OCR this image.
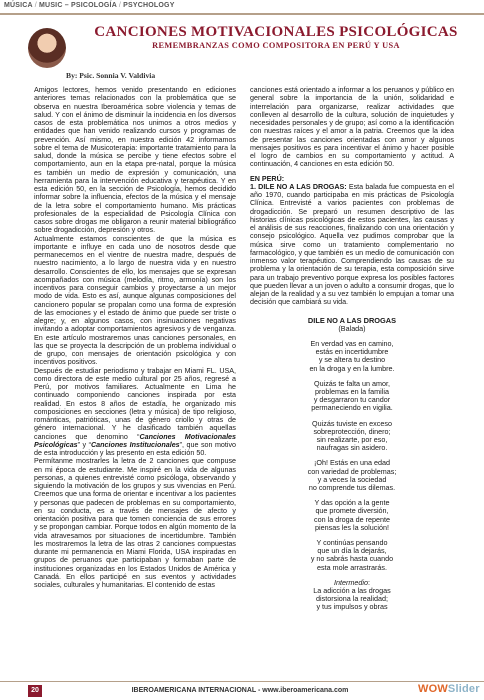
MÚSICA / MUSIC – PSICOLOGÍA / PSYCHOLOGY
CANCIONES MOTIVACIONALES PSICOLÓGICAS
REMEMBRANZAS COMO COMPOSITORA EN PERÚ Y USA
By: Psic. Sonnia V. Valdivia

Amigos lectores, hemos venido presentando en ediciones anteriores temas relacionados con la problemática que se observa en nuestra Iberoamérica sobre violencia y temas de salud. Y con el ánimo de disminuir la incidencia en los diversos casos de esta problemática nos unimos a otros medios y entidades que han venido realizando cursos y programas de prevención. Así mismo, en nuestra edición 42 informamos sobre el tema de Musicoterapia: importante tratamiento para la salud, donde la música se percibe y tiene efectos sobre el comportamiento, aun en la etapa pre-natal, porque la música es también un medio de expresión y comunicación, una herramienta para la intervención educativa y terapéutica. Y en esta edición 50, en la sección de Psicología, hemos decidido informar sobre la influencia, efectos de la música y el mensaje de la letra sobre el comportamiento humano. Mis prácticas profesionales de la especialidad de Psicología Clínica con casos sobre drogas me obligaron a reunir material bibliográfico sobre drogadicción, depresión y otros.

Actualmente estamos conscientes de que la música es importante e influye en cada uno de nosotros desde que permanecemos en el vientre de nuestra madre, después de nuestro nacimiento, a lo largo de nuestra vida y en nuestro desarrollo. Conscientes de ello, los mensajes que se expresan acompañados con música (melodía, ritmo, armonía) son los incentivos para conseguir cambios y proyectarse a un mejor modo de vida. Esto es así, aunque algunas composiciones del cancionero popular se propalan como una forma de expresión de las emociones y el estado de ánimo que puede ser triste o alegre; y, en algunos casos, con insinuaciones negativas invitando a adoptar comportamientos agresivos y de venganza. En este artículo mostraremos unas canciones personales, en las que se proyecta la descripción de un problema individual o de grupo, con mensajes de orientación psicológica y con incentivos positivos.

Después de estudiar periodismo y trabajar en Miami FL. USA, como directora de este medio cultural por 25 años, regresé a Perú, por motivos familiares. Actualmente en Lima he continuado componiendo canciones inspirada por esta realidad. En estos 8 años de estadía, he organizado mis composiciones en secciones (letra y música) de tipo religioso, románticas, patrióticas, unas de género criollo y otras de género internacional. Y he clasificado también aquellas canciones que denomino “Canciones Motivacionales Psicológicas” y “Canciones Institucionales”, que son motivo de esta introducción y las presento en esta edición 50.

Permítanme mostrarles la letra de 2 canciones que compuse en mi época de estudiante. Me inspiré en la vida de algunas personas, a quienes entrevisté como psicóloga, observando y siguiendo la motivación de los grupos y sus vivencias en Perú. Creemos que una forma de orientar e incentivar a los pacientes y personas que padecen de problemas en su comportamiento, en su conducta, es a través de mensajes de afecto y orientación positiva para que tomen conciencia de sus errores y se propongan cambiar. Porque todos en algún momento de la vida atravesamos por situaciones de incertidumbre. También les mostraremos la letra de las otras 2 canciones compuestas durante mi permanencia en Miami Florida, USA inspiradas en grupos de peruanos que participaban y formaban parte de instituciones organizadas en los Estados Unidos de América y Canadá. En ellos participé en sus eventos y actividades sociales, culturales y humanitarias. El contenido de estas

canciones está orientado a informar a los peruanos y público en general sobre la importancia de la unión, solidaridad e interrelación para organizarse, realizar actividades que conlleven al desarrollo de la cultura, solución de inquietudes y necesidades personales y de grupo; así como a la identificación con nuestras raíces y el amor a la patria. Creemos que la idea de presentar las canciones orientadas con amor y algunos mensajes positivos es para incentivar el ánimo y hacer posible el logro de cambios en su comportamiento y actitud. A continuación, 4 canciones en esta edición 50.

EN PERÚ:

1. DILE NO A LAS DROGAS: Esta balada fue compuesta en el año 1970, cuando participaba en mis prácticas de Psicología Clínica. Entrevisté a varios pacientes con problemas de drogadicción. Se preparó un resumen descriptivo de las historias clínicas psicológicas de estos pacientes, las causas y el análisis de sus reacciones, finalizando con una orientación y consejo psicológico. Aquella vez pudimos comprobar que la música sirve como un tratamiento complementario no farmacológico, y que también es un medio de comunicación con inmenso valor terapéutico. Comprendiendo las causas de su problema y la orientación de su terapia, esta composición sirve para un trabajo preventivo porque expresa los posibles factores que pueden llevar a un joven o adulto a consumir drogas, que lo alejan de la realidad y a su vez también lo empujan a tomar una decisión que cambiará su vida.

DILE NO A LAS DROGAS
(Balada)
En verdad vas en camino,
estás en incertidumbre
y se altera tu destino
en la droga y en la lumbre.
Quizás te falta un amor,
problemas en la familia
y desgarraron tu candor
permaneciendo en vigilia.
Quizás tuviste en exceso
sobreprotección, dinero;
sin realizarte, por eso,
naufragas sin asidero.
¡Oh! Estás en una edad
con variedad de problemas;
y a veces la sociedad
no comprende tus dilemas.
Y das opción a la gente
que promete diversión,
con la droga de repente
piensas les la solución!
Y continúas pensando
que un día la dejarás,
y no sabrás hasta cuando
esta mole arrastrarás.
Intermedio:
La adicción a las drogas
distorsiona la realidad;
y tus impulsos y obras
20	IBEROAMERICANA INTERNACIONAL - www.iberoamericana.com	WOWSlider
